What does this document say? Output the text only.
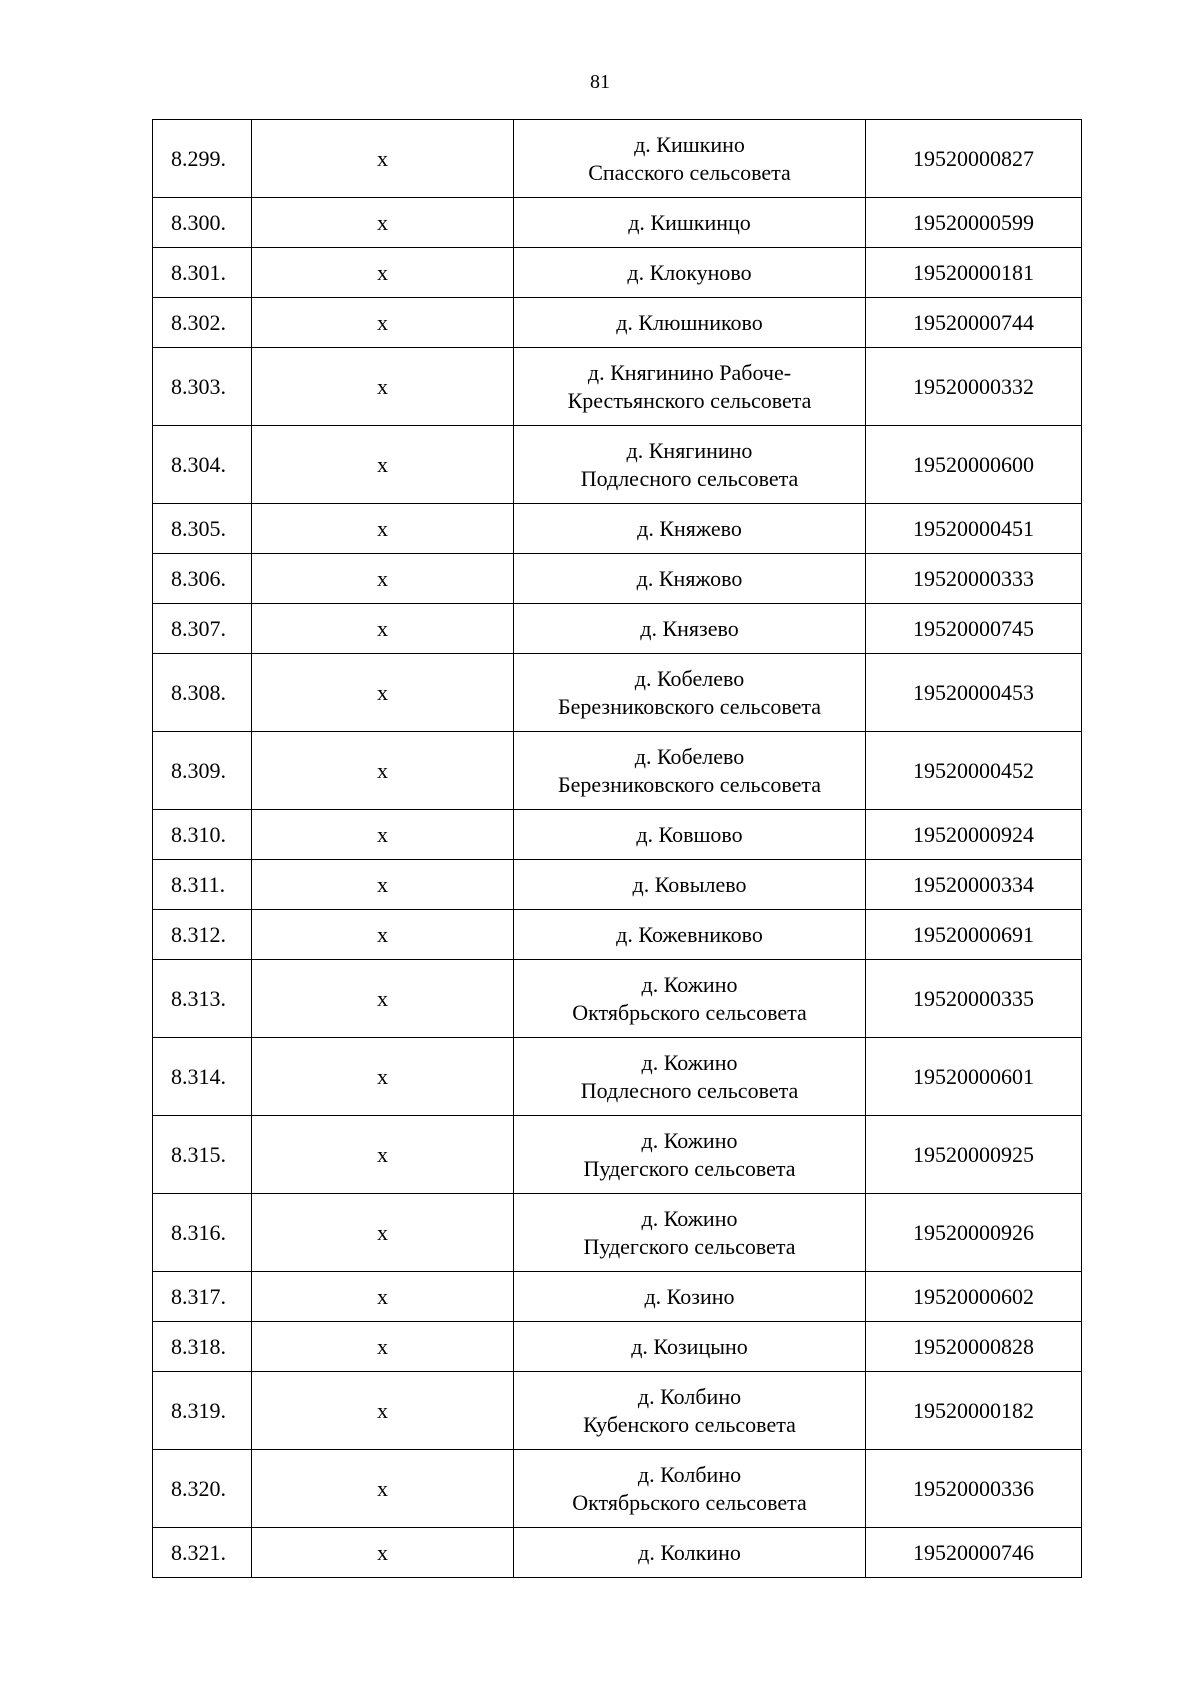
81
8.299.	х	д. Кишкино
Спасского сельсовета	19520000827
8.300.	х	д. Кишкинцо	19520000599
8.301.	х	д. Клокуново	19520000181
8.302.	х	д. Клюшниково	19520000744
8.303.	х	д. Княгинино Рабоче-
Крестьянского сельсовета	19520000332
8.304.	х	д. Княгинино
Подлесного сельсовета	19520000600
8.305.	х	д. Княжево	19520000451
8.306.	х	д. Княжово	19520000333
8.307.	х	д. Князево	19520000745
8.308.	х	д. Кобелево
Березниковского сельсовета	19520000453
8.309.	х	д. Кобелево
Березниковского сельсовета	19520000452
8.310.	х	д. Ковшово	19520000924
8.311.	х	д. Ковылево	19520000334
8.312.	х	д. Кожевниково	19520000691
8.313.	х	д. Кожино
Октябрьского сельсовета	19520000335
8.314.	х	д. Кожино
Подлесного сельсовета	19520000601
8.315.	х	д. Кожино
Пудегского сельсовета	19520000925
8.316.	х	д. Кожино
Пудегского сельсовета	19520000926
8.317.	х	д. Козино	19520000602
8.318.	х	д. Козицыно	19520000828
8.319.	х	д. Колбино
Кубенского сельсовета	19520000182
8.320.	х	д. Колбино
Октябрьского сельсовета	19520000336
8.321.	х	д. Колкино	19520000746
